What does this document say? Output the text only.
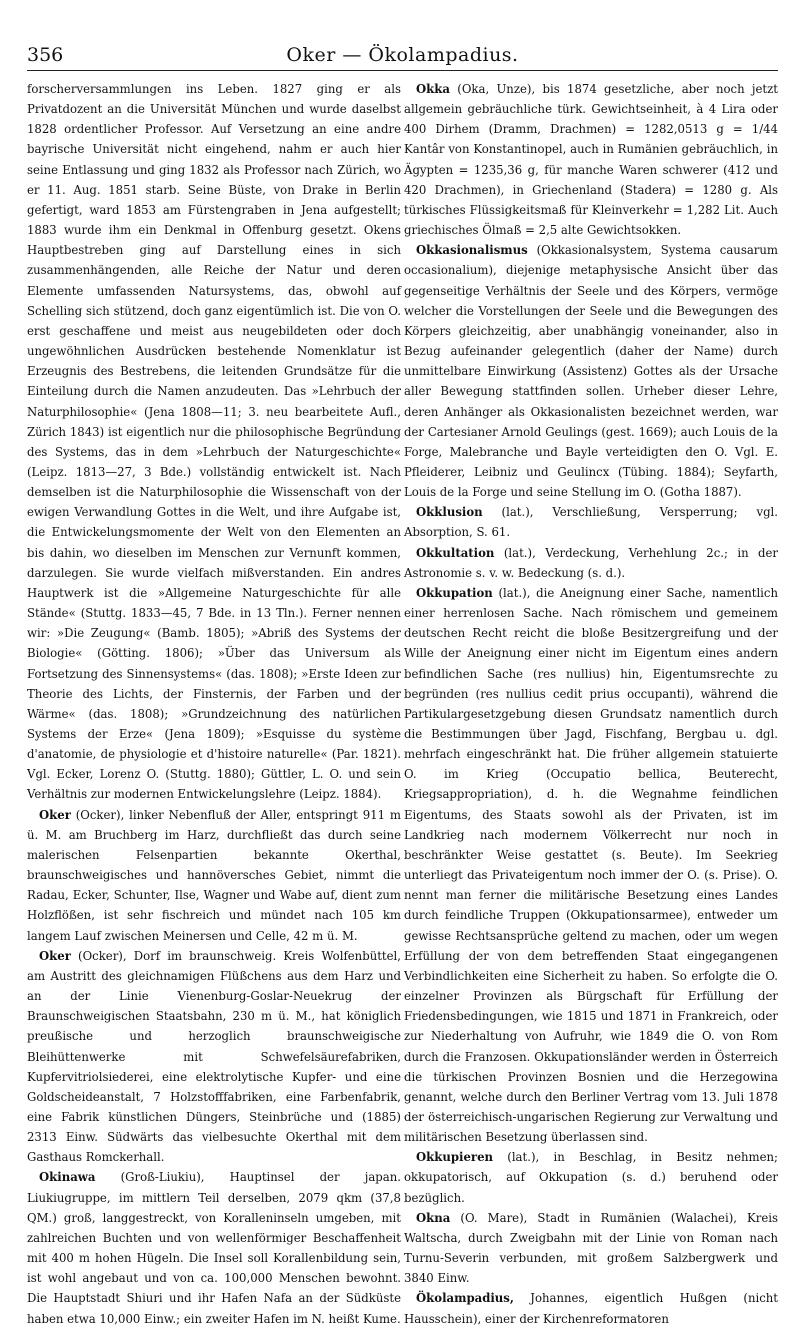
356	Oker — Ökolampadius.

forscherversammlungen ins Leben. 1827 ging er als Privatdozent an die Universität München und wurde daselbst 1828 ordentlicher Professor. Auf Versetzung an eine andre bayrische Universität nicht eingehend, nahm er auch hier seine Entlassung und ging 1832 als Professor nach Zürich, wo er 11. Aug. 1851 starb. Seine Büste, von Drake in Berlin gefertigt, ward 1853 am Fürstengraben in Jena aufgestellt; 1883 wurde ihm ein Denkmal in Offenburg gesetzt. Okens Hauptbestreben ging auf Darstellung eines in sich zusammenhängenden, alle Reiche der Natur und deren Elemente umfassenden Natursystems, das, obwohl auf Schelling sich stützend, doch ganz eigentümlich ist. Die von O. erst geschaffene und meist aus neugebildeten oder doch ungewöhnlichen Ausdrücken bestehende Nomenklatur ist Erzeugnis des Bestrebens, die leitenden Grundsätze für die Einteilung durch die Namen anzudeuten. Das »Lehrbuch der Naturphilosophie« (Jena 1808—11; 3. neu bearbeitete Aufl., Zürich 1843) ist eigentlich nur die philosophische Begründung des Systems, das in dem »Lehrbuch der Naturgeschichte« (Leipz. 1813—27, 3 Bde.) vollständig entwickelt ist. Nach demselben ist die Naturphilosophie die Wissenschaft von der ewigen Verwandlung Gottes in die Welt, und ihre Aufgabe ist, die Entwickelungsmomente der Welt von den Elementen an bis dahin, wo dieselben im Menschen zur Vernunft kommen, darzulegen. Sie wurde vielfach mißverstanden. Ein andres Hauptwerk ist die »Allgemeine Naturgeschichte für alle Stände« (Stuttg. 1833—45, 7 Bde. in 13 Tln.). Ferner nennen wir: »Die Zeugung« (Bamb. 1805); »Abriß des Systems der Biologie« (Götting. 1806); »Über das Universum als Fortsetzung des Sinnensystems« (das. 1808); »Erste Ideen zur Theorie des Lichts, der Finsternis, der Farben und der Wärme« (das. 1808); »Grundzeichnung des natürlichen Systems der Erze« (Jena 1809); »Esquisse du système d'anatomie, de physiologie et d'histoire naturelle« (Par. 1821). Vgl. Ecker, Lorenz O. (Stuttg. 1880); Güttler, L. O. und sein Verhältnis zur modernen Entwickelungslehre (Leipz. 1884).

Oker (Ocker), linker Nebenfluß der Aller, entspringt 911 m ü. M. am Bruchberg im Harz, durchfließt das durch seine malerischen Felsenpartien bekannte Okerthal, braunschweigisches und hannöversches Gebiet, nimmt die Radau, Ecker, Schunter, Ilse, Wagner und Wabe auf, dient zum Holzflößen, ist sehr fischreich und mündet nach 105 km langem Lauf zwischen Meinersen und Celle, 42 m ü. M.

Oker (Ocker), Dorf im braunschweig. Kreis Wolfenbüttel, am Austritt des gleichnamigen Flüßchens aus dem Harz und an der Linie Vienenburg-Goslar-Neuekrug der Braunschweigischen Staatsbahn, 230 m ü. M., hat königlich preußische und herzoglich braunschweigische Bleihüttenwerke mit Schwefelsäurefabriken, Kupfervitriolsiederei, eine elektrolytische Kupfer- und eine Goldscheideanstalt, 7 Holzstofffabriken, eine Farbenfabrik, eine Fabrik künstlichen Düngers, Steinbrüche und (1885) 2313 Einw. Südwärts das vielbesuchte Okerthal mit dem Gasthaus Romckerhall.

Okinawa (Groß-Liukiu), Hauptinsel der japan. Liukiugruppe, im mittlern Teil derselben, 2079 qkm (37,8 QM.) groß, langgestreckt, von Koralleninseln umgeben, mit zahlreichen Buchten und von wellenförmiger Beschaffenheit mit 400 m hohen Hügeln. Die Insel soll Korallenbildung sein, ist wohl angebaut und von ca. 100,000 Menschen bewohnt. Die Hauptstadt Shiuri und ihr Hafen Nafa an der Südküste haben etwa 10,000 Einw.; ein zweiter Hafen im N. heißt Kume.

Okka (Oka, Unze), bis 1874 gesetzliche, aber noch jetzt allgemein gebräuchliche türk. Gewichtseinheit, à 4 Lira oder 400 Dirhem (Dramm, Drachmen) = 1282,0513 g = 1/44 Kantâr von Konstantinopel, auch in Rumänien gebräuchlich, in Ägypten = 1235,36 g, für manche Waren schwerer (412 und 420 Drachmen), in Griechenland (Stadera) = 1280 g. Als türkisches Flüssigkeitsmaß für Kleinverkehr = 1,282 Lit. Auch griechisches Ölmaß = 2,5 alte Gewichtsokken.

Okkasionalismus (Okkasionalsystem, Systema causarum occasionalium), diejenige metaphysische Ansicht über das gegenseitige Verhältnis der Seele und des Körpers, vermöge welcher die Vorstellungen der Seele und die Bewegungen des Körpers gleichzeitig, aber unabhängig voneinander, also in Bezug aufeinander gelegentlich (daher der Name) durch unmittelbare Einwirkung (Assistenz) Gottes als der Ursache aller Bewegung stattfinden sollen. Urheber dieser Lehre, deren Anhänger als Okkasionalisten bezeichnet werden, war der Cartesianer Arnold Geulings (gest. 1669); auch Louis de la Forge, Malebranche und Bayle verteidigten den O. Vgl. E. Pfleiderer, Leibniz und Geulincx (Tübing. 1884); Seyfarth, Louis de la Forge und seine Stellung im O. (Gotha 1887).

Okklusion (lat.), Verschließung, Versperrung; vgl. Absorption, S. 61.

Okkultation (lat.), Verdeckung, Verhehlung 2c.; in der Astronomie s. v. w. Bedeckung (s. d.).

Okkupation (lat.), die Aneignung einer Sache, namentlich einer herrenlosen Sache. Nach römischem und gemeinem deutschen Recht reicht die bloße Besitzergreifung und der Wille der Aneignung einer nicht im Eigentum eines andern befindlichen Sache (res nullius) hin, Eigentumsrechte zu begründen (res nullius cedit prius occupanti), während die Partikulargesetzgebung diesen Grundsatz namentlich durch die Bestimmungen über Jagd, Fischfang, Bergbau u. dgl. mehrfach eingeschränkt hat. Die früher allgemein statuierte O. im Krieg (Occupatio bellica, Beuterecht, Kriegsappropriation), d. h. die Wegnahme feindlichen Eigentums, des Staats sowohl als der Privaten, ist im Landkrieg nach modernem Völkerrecht nur noch in beschränkter Weise gestattet (s. Beute). Im Seekrieg unterliegt das Privateigentum noch immer der O. (s. Prise). O. nennt man ferner die militärische Besetzung eines Landes durch feindliche Truppen (Okkupationsarmee), entweder um gewisse Rechtsansprüche geltend zu machen, oder um wegen Erfüllung der von dem betreffenden Staat eingegangenen Verbindlichkeiten eine Sicherheit zu haben. So erfolgte die O. einzelner Provinzen als Bürgschaft für Erfüllung der Friedensbedingungen, wie 1815 und 1871 in Frankreich, oder zur Niederhaltung von Aufruhr, wie 1849 die O. von Rom durch die Franzosen. Okkupationsländer werden in Österreich die türkischen Provinzen Bosnien und die Herzegowina genannt, welche durch den Berliner Vertrag vom 13. Juli 1878 der österreichisch-ungarischen Regierung zur Verwaltung und militärischen Besetzung überlassen sind.

Okkupieren (lat.), in Beschlag, in Besitz nehmen; okkupatorisch, auf Okkupation (s. d.) beruhend oder bezüglich.

Okna (O. Mare), Stadt in Rumänien (Walachei), Kreis Waltscha, durch Zweigbahn mit der Linie von Roman nach Turnu-Severin verbunden, mit großem Salzbergwerk und 3840 Einw.

Ökolampadius, Johannes, eigentlich Hußgen (nicht Hausschein), einer der Kirchenreformatoren
